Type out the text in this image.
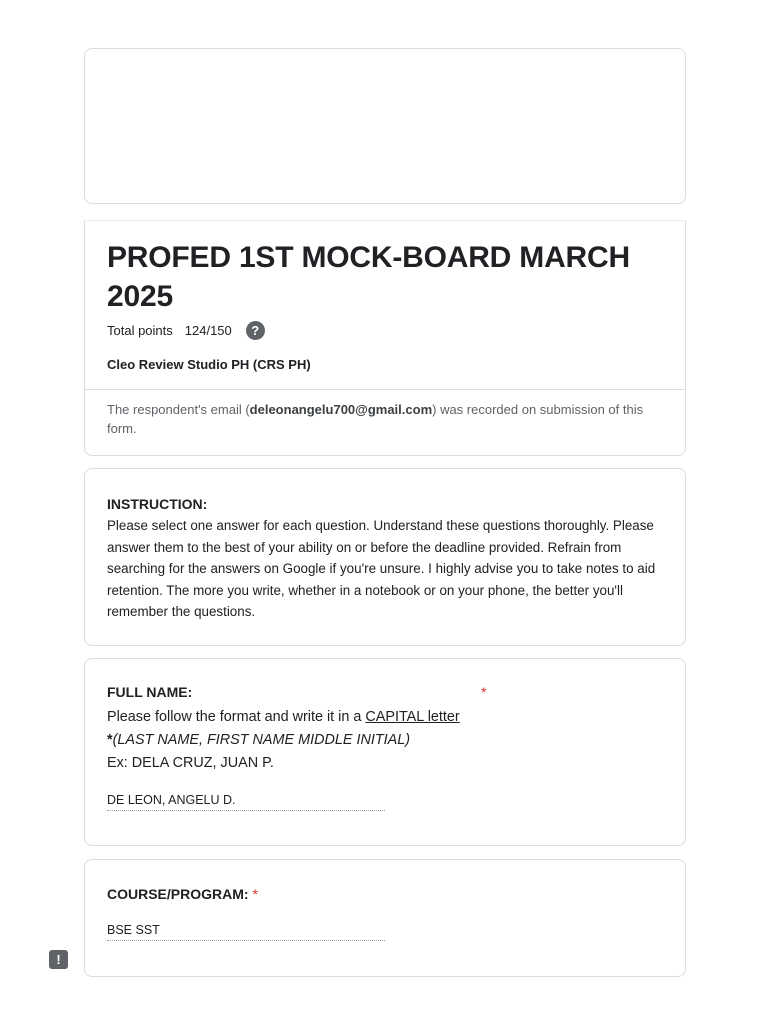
PROFED 1ST MOCK-BOARD MARCH 2025
Total points 124/150	?
Cleo Review Studio PH (CRS PH)
The respondent's email (deleonangelu700@gmail.com) was recorded on submission of this form.
INSTRUCTION:
Please select one answer for each question. Understand these questions thoroughly. Please answer them to the best of your ability on or before the deadline provided. Refrain from searching for the answers on Google if you're unsure. I highly advise you to take notes to aid retention. The more you write, whether in a notebook or on your phone, the better you'll remember the questions.
FULL NAME:	*
Please follow the format and write it in a CAPITAL letter
*(LAST NAME, FIRST NAME MIDDLE INITIAL)
Ex: DELA CRUZ, JUAN P.
DE LEON, ANGELU D.
COURSE/PROGRAM: *
BSE SST
!
